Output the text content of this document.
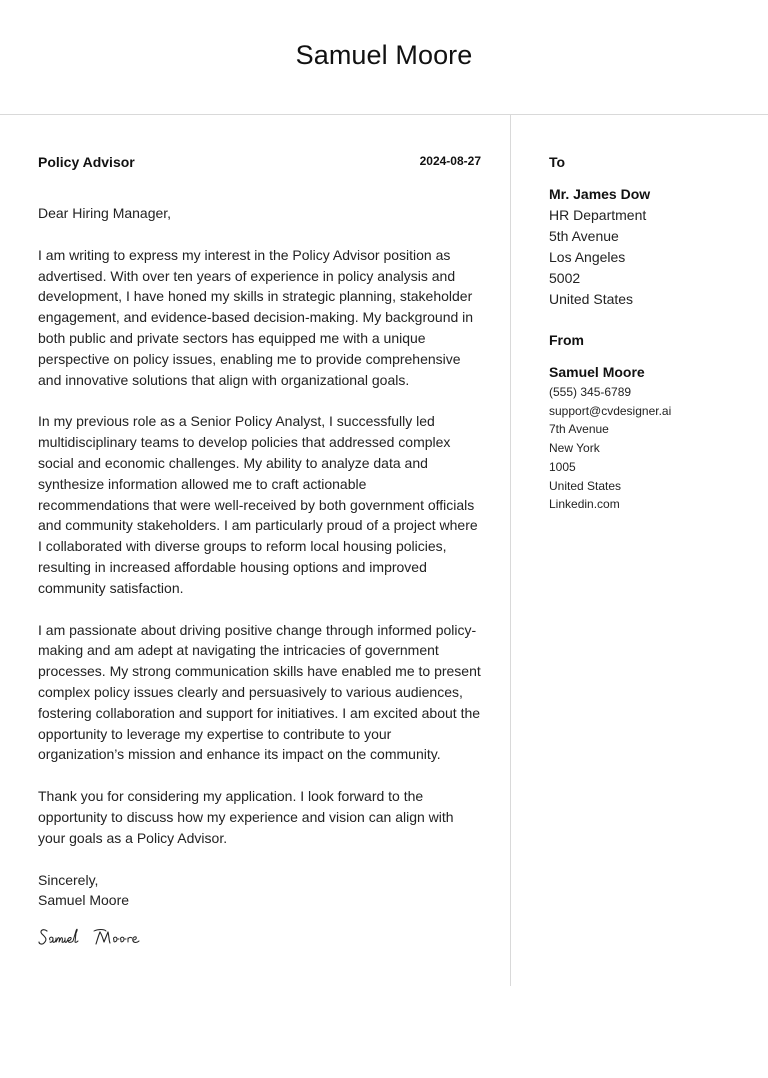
Samuel Moore
Policy Advisor	2024-08-27
Dear Hiring Manager,
I am writing to express my interest in the Policy Advisor position as advertised. With over ten years of experience in policy analysis and development, I have honed my skills in strategic planning, stakeholder engagement, and evidence-based decision-making. My background in both public and private sectors has equipped me with a unique perspective on policy issues, enabling me to provide comprehensive and innovative solutions that align with organizational goals.
In my previous role as a Senior Policy Analyst, I successfully led multidisciplinary teams to develop policies that addressed complex social and economic challenges. My ability to analyze data and synthesize information allowed me to craft actionable recommendations that were well-received by both government officials and community stakeholders. I am particularly proud of a project where I collaborated with diverse groups to reform local housing policies, resulting in increased affordable housing options and improved community satisfaction.
I am passionate about driving positive change through informed policy-making and am adept at navigating the intricacies of government processes. My strong communication skills have enabled me to present complex policy issues clearly and persuasively to various audiences, fostering collaboration and support for initiatives. I am excited about the opportunity to leverage my expertise to contribute to your organization’s mission and enhance its impact on the community.
Thank you for considering my application. I look forward to the opportunity to discuss how my experience and vision can align with your goals as a Policy Advisor.
Sincerely,
Samuel Moore
To
Mr. James Dow
HR Department
5th Avenue
Los Angeles
5002
United States
From
Samuel Moore
(555) 345-6789
support@cvdesigner.ai
7th Avenue
New York
1005
United States
Linkedin.com
